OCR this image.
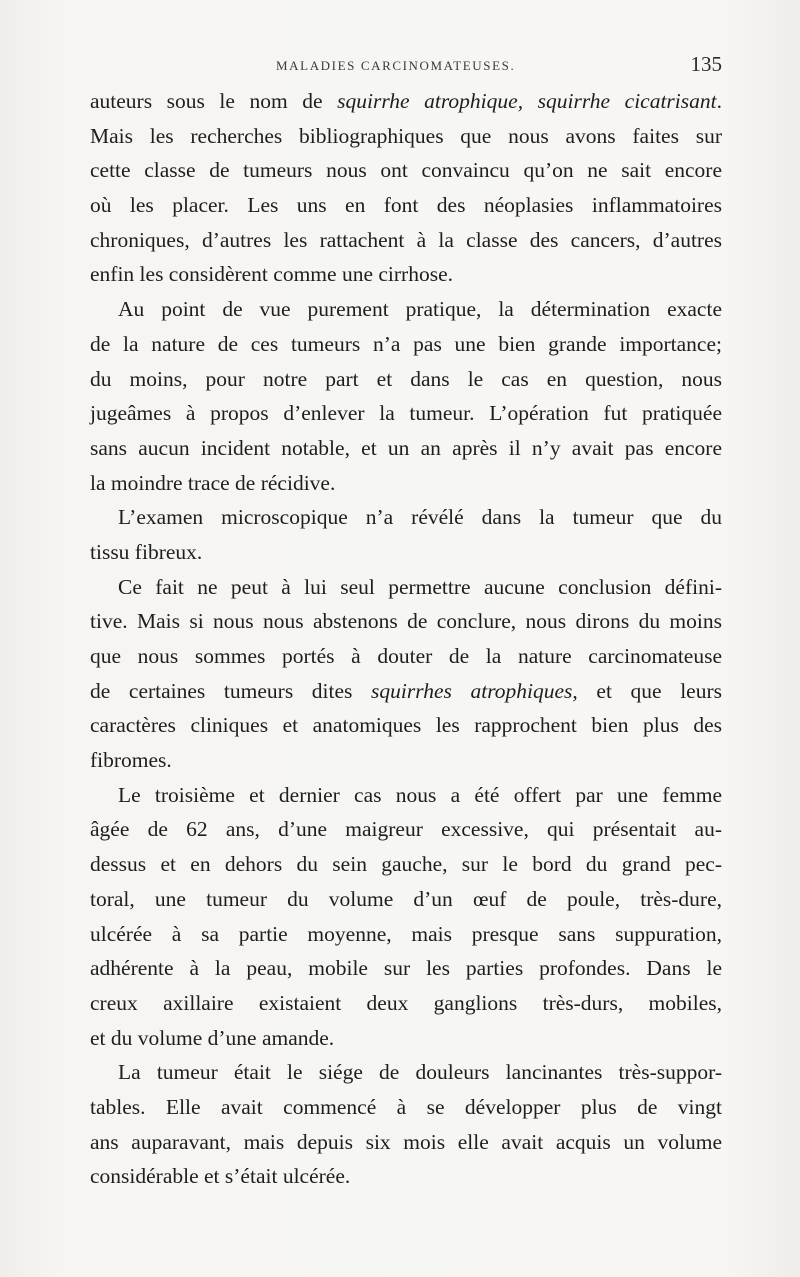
MALADIES CARCINOMATEUSES.	135
auteurs sous le nom de squirrhe atrophique, squirrhe cicatrisant.
Mais les recherches bibliographiques que nous avons faites sur
cette classe de tumeurs nous ont convaincu qu’on ne sait encore
où les placer. Les uns en font des néoplasies inflammatoires
chroniques, d’autres les rattachent à la classe des cancers, d’autres
enfin les considèrent comme une cirrhose.
Au point de vue purement pratique, la détermination exacte
de la nature de ces tumeurs n’a pas une bien grande importance;
du moins, pour notre part et dans le cas en question, nous
jugeâmes à propos d’enlever la tumeur. L’opération fut pratiquée
sans aucun incident notable, et un an après il n’y avait pas encore
la moindre trace de récidive.
L’examen microscopique n’a révélé dans la tumeur que du
tissu fibreux.
Ce fait ne peut à lui seul permettre aucune conclusion défini-
tive. Mais si nous nous abstenons de conclure, nous dirons du moins
que nous sommes portés à douter de la nature carcinomateuse
de certaines tumeurs dites squirrhes atrophiques, et que leurs
caractères cliniques et anatomiques les rapprochent bien plus des
fibromes.
Le troisième et dernier cas nous a été offert par une femme
âgée de 62 ans, d’une maigreur excessive, qui présentait au-
dessus et en dehors du sein gauche, sur le bord du grand pec-
toral, une tumeur du volume d’un œuf de poule, très-dure,
ulcérée à sa partie moyenne, mais presque sans suppuration,
adhérente à la peau, mobile sur les parties profondes. Dans le
creux axillaire existaient deux ganglions très-durs, mobiles,
et du volume d’une amande.
La tumeur était le siége de douleurs lancinantes très-suppor-
tables. Elle avait commencé à se développer plus de vingt
ans auparavant, mais depuis six mois elle avait acquis un volume
considérable et s’était ulcérée.
